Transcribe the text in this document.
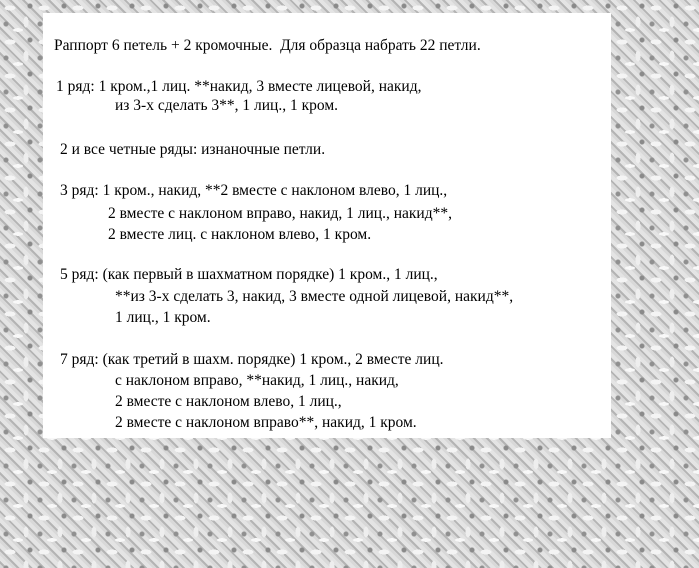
Раппорт 6 петель + 2 кромочные.  Для образца набрать 22 петли.
1 ряд: 1 кром.,1 лиц. **накид, 3 вместе лицевой, накид,
из 3-х сделать 3**, 1 лиц., 1 кром.
2 и все четные ряды: изнаночные петли.
3 ряд: 1 кром., накид, **2 вместе с наклоном влево, 1 лиц.,
2 вместе с наклоном вправо, накид, 1 лиц., накид**,
2 вместе лиц. с наклоном влево, 1 кром.
5 ряд: (как первый в шахматном порядке) 1 кром., 1 лиц.,
**из 3-х сделать 3, накид, 3 вместе одной лицевой, накид**,
1 лиц., 1 кром.
7 ряд: (как третий в шахм. порядке) 1 кром., 2 вместе лиц.
с наклоном вправо, **накид, 1 лиц., накид,
2 вместе с наклоном влево, 1 лиц.,
2 вместе с наклоном вправо**, накид, 1 кром.
